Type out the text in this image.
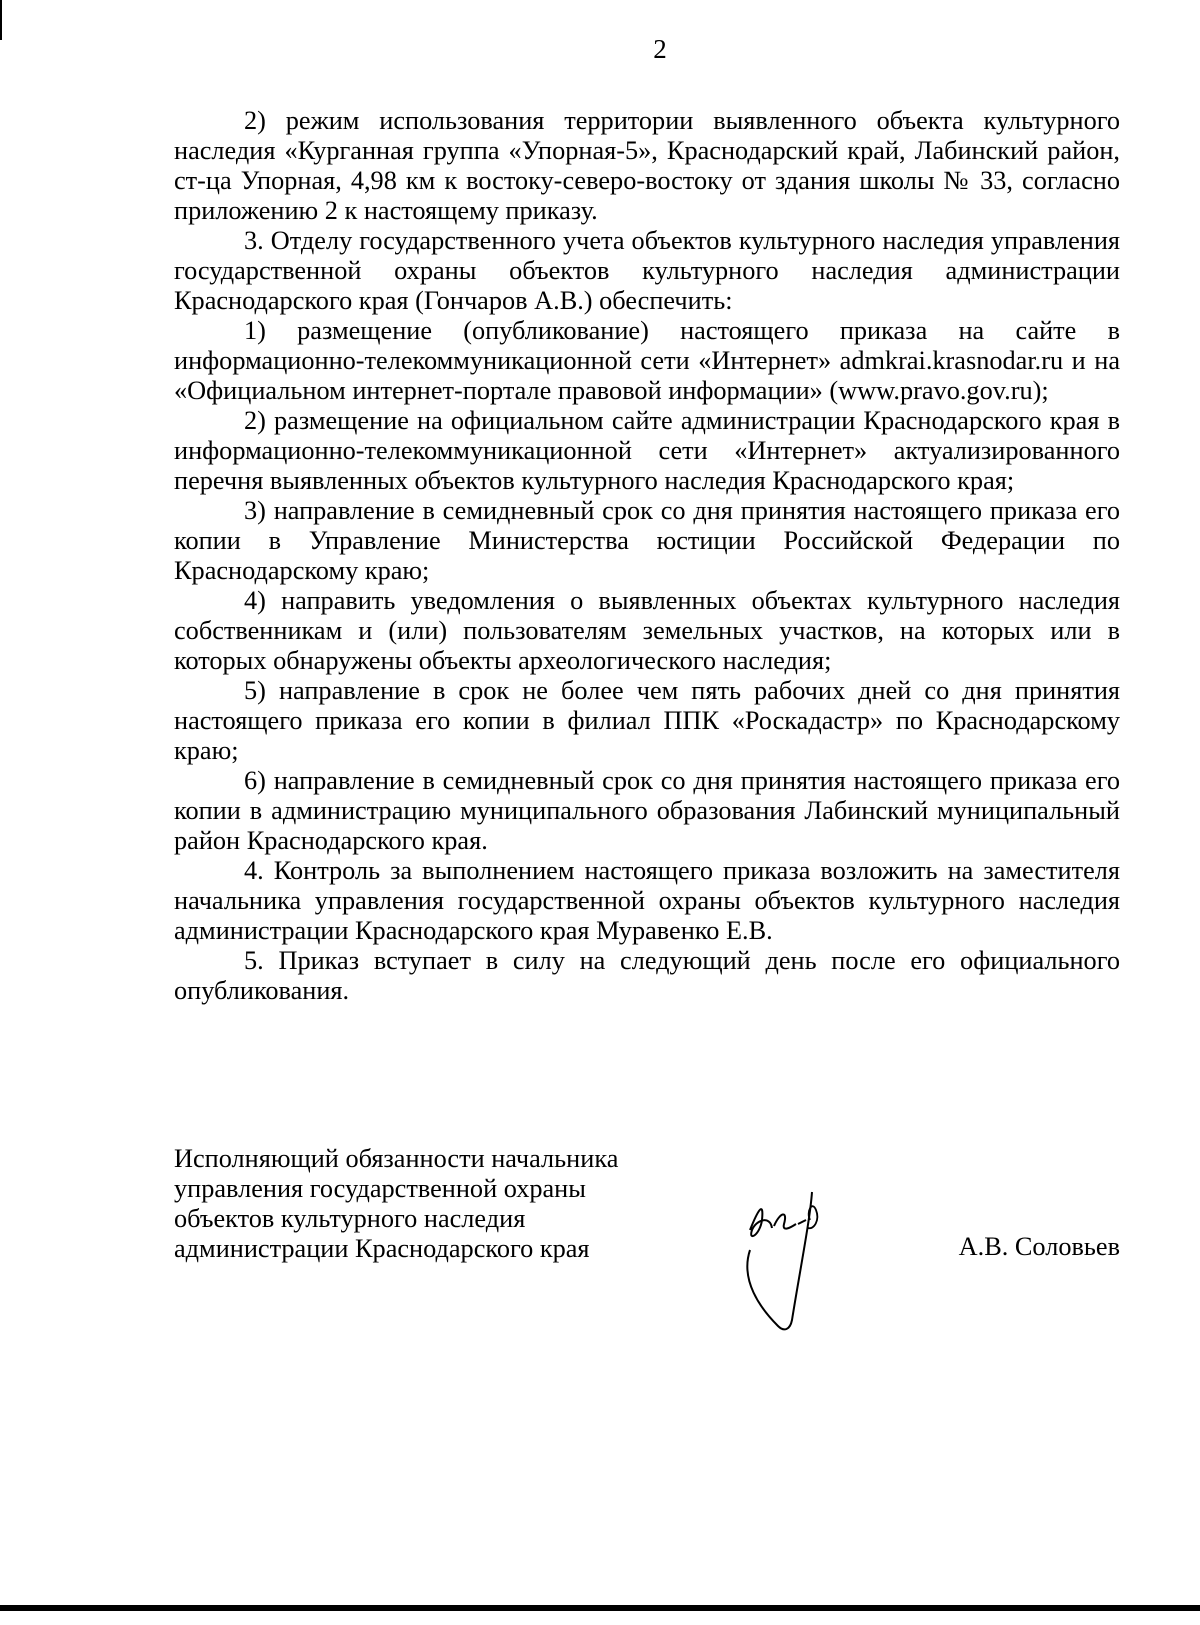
2

2) режим использования территории выявленного объекта культурного наследия «Курганная группа «Упорная-5», Краснодарский край, Лабинский район, ст-ца Упорная, 4,98 км к востоку-северо-востоку от здания школы № 33, согласно приложению 2 к настоящему приказу.

3. Отделу государственного учета объектов культурного наследия управления государственной охраны объектов культурного наследия администрации Краснодарского края (Гончаров А.В.) обеспечить:

1) размещение (опубликование) настоящего приказа на сайте в информационно-телекоммуникационной сети «Интернет» admkrai.krasnodar.ru и на «Официальном интернет-портале правовой информации» (www.pravo.gov.ru);

2) размещение на официальном сайте администрации Краснодарского края в информационно-телекоммуникационной сети «Интернет» актуализированного перечня выявленных объектов культурного наследия Краснодарского края;

3) направление в семидневный срок со дня принятия настоящего приказа его копии в Управление Министерства юстиции Российской Федерации по Краснодарскому краю;

4) направить уведомления о выявленных объектах культурного наследия собственникам и (или) пользователям земельных участков, на которых или в которых обнаружены объекты археологического наследия;

5) направление в срок не более чем пять рабочих дней со дня принятия настоящего приказа его копии в филиал ППК «Роскадастр» по Краснодарскому краю;

6) направление в семидневный срок со дня принятия настоящего приказа его копии в администрацию муниципального образования Лабинский муниципальный район Краснодарского края.

4. Контроль за выполнением настоящего приказа возложить на заместителя начальника управления государственной охраны объектов культурного наследия администрации Краснодарского края Муравенко Е.В.

5. Приказ вступает в силу на следующий день после его официального опубликования.

Исполняющий обязанности начальника
управления государственной охраны
объектов культурного наследия
администрации Краснодарского края	А.В. Соловьев
